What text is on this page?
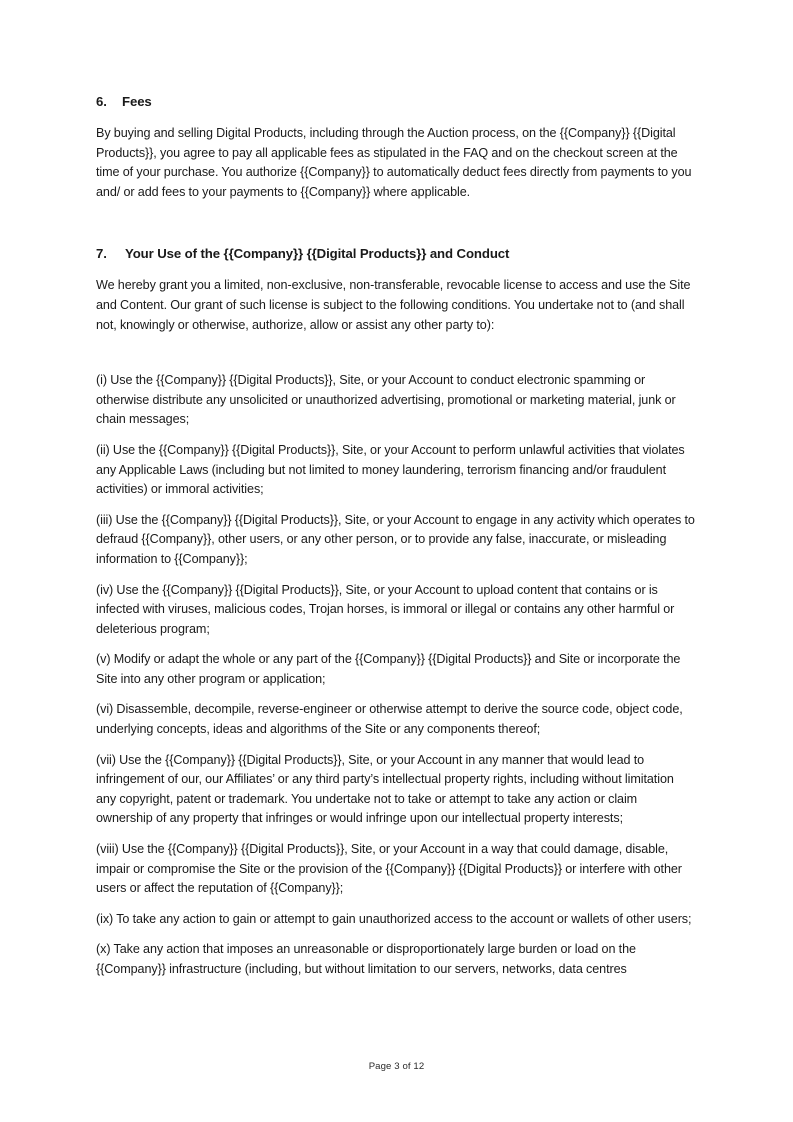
6. Fees

By buying and selling Digital Products, including through the Auction process, on the {{Company}} {{Digital Products}}, you agree to pay all applicable fees as stipulated in the FAQ and on the checkout screen at the time of your purchase. You authorize {{Company}} to automatically deduct fees directly from payments to you and/ or add fees to your payments to {{Company}} where applicable.

7. Your Use of the {{Company}} {{Digital Products}} and Conduct

We hereby grant you a limited, non-exclusive, non-transferable, revocable license to access and use the Site and Content. Our grant of such license is subject to the following conditions. You undertake not to (and shall not, knowingly or otherwise, authorize, allow or assist any other party to):

(i) Use the {{Company}} {{Digital Products}}, Site, or your Account to conduct electronic spamming or otherwise distribute any unsolicited or unauthorized advertising, promotional or marketing material, junk or chain messages;

(ii) Use the {{Company}} {{Digital Products}}, Site, or your Account to perform unlawful activities that violates any Applicable Laws (including but not limited to money laundering, terrorism financing and/or fraudulent activities) or immoral activities;

(iii) Use the {{Company}} {{Digital Products}}, Site, or your Account to engage in any activity which operates to defraud {{Company}}, other users, or any other person, or to provide any false, inaccurate, or misleading information to {{Company}};

(iv) Use the {{Company}} {{Digital Products}}, Site, or your Account to upload content that contains or is infected with viruses, malicious codes, Trojan horses, is immoral or illegal or contains any other harmful or deleterious program;

(v) Modify or adapt the whole or any part of the {{Company}} {{Digital Products}} and Site or incorporate the Site into any other program or application;

(vi) Disassemble, decompile, reverse-engineer or otherwise attempt to derive the source code, object code, underlying concepts, ideas and algorithms of the Site or any components thereof;

(vii) Use the {{Company}} {{Digital Products}}, Site, or your Account in any manner that would lead to infringement of our, our Affiliates’ or any third party’s intellectual property rights, including without limitation any copyright, patent or trademark. You undertake not to take or attempt to take any action or claim ownership of any property that infringes or would infringe upon our intellectual property interests;

(viii) Use the {{Company}} {{Digital Products}}, Site, or your Account in a way that could damage, disable, impair or compromise the Site or the provision of the {{Company}} {{Digital Products}} or interfere with other users or affect the reputation of {{Company}};

(ix) To take any action to gain or attempt to gain unauthorized access to the account or wallets of other users;

(x) Take any action that imposes an unreasonable or disproportionately large burden or load on the {{Company}} infrastructure (including, but without limitation to our servers, networks, data centres

Page 3 of 12
